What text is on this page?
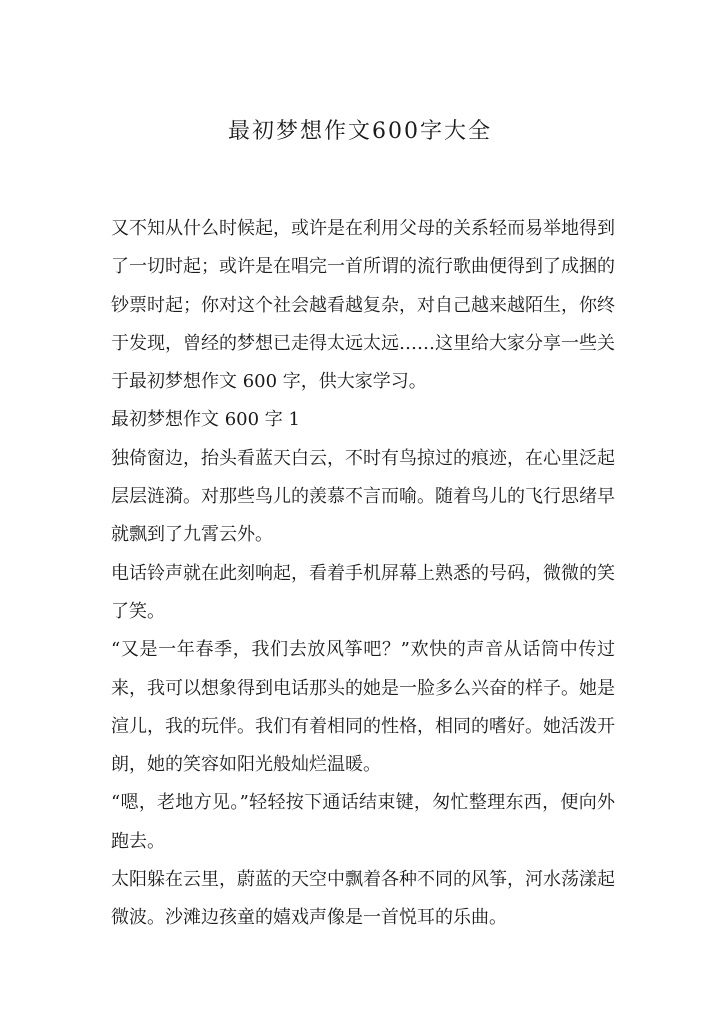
最初梦想作文600字大全

又不知从什么时候起，或许是在利用父母的关系轻而易举地得到了一切时起；或许是在唱完一首所谓的流行歌曲便得到了成捆的钞票时起；你对这个社会越看越复杂，对自己越来越陌生，你终于发现，曾经的梦想已走得太远太远……这里给大家分享一些关于最初梦想作文 600 字，供大家学习。

最初梦想作文 600 字 1

独倚窗边，抬头看蓝天白云，不时有鸟掠过的痕迹，在心里泛起层层涟漪。对那些鸟儿的羡慕不言而喻。随着鸟儿的飞行思绪早就飘到了九霄云外。

电话铃声就在此刻响起，看着手机屏幕上熟悉的号码，微微的笑了笑。

“又是一年春季，我们去放风筝吧？”欢快的声音从话筒中传过来，我可以想象得到电话那头的她是一脸多么兴奋的样子。她是渲儿，我的玩伴。我们有着相同的性格，相同的嗜好。她活泼开朗，她的笑容如阳光般灿烂温暖。

“嗯，老地方见。”轻轻按下通话结束键，匆忙整理东西，便向外跑去。

太阳躲在云里，蔚蓝的天空中飘着各种不同的风筝，河水荡漾起微波。沙滩边孩童的嬉戏声像是一首悦耳的乐曲。
